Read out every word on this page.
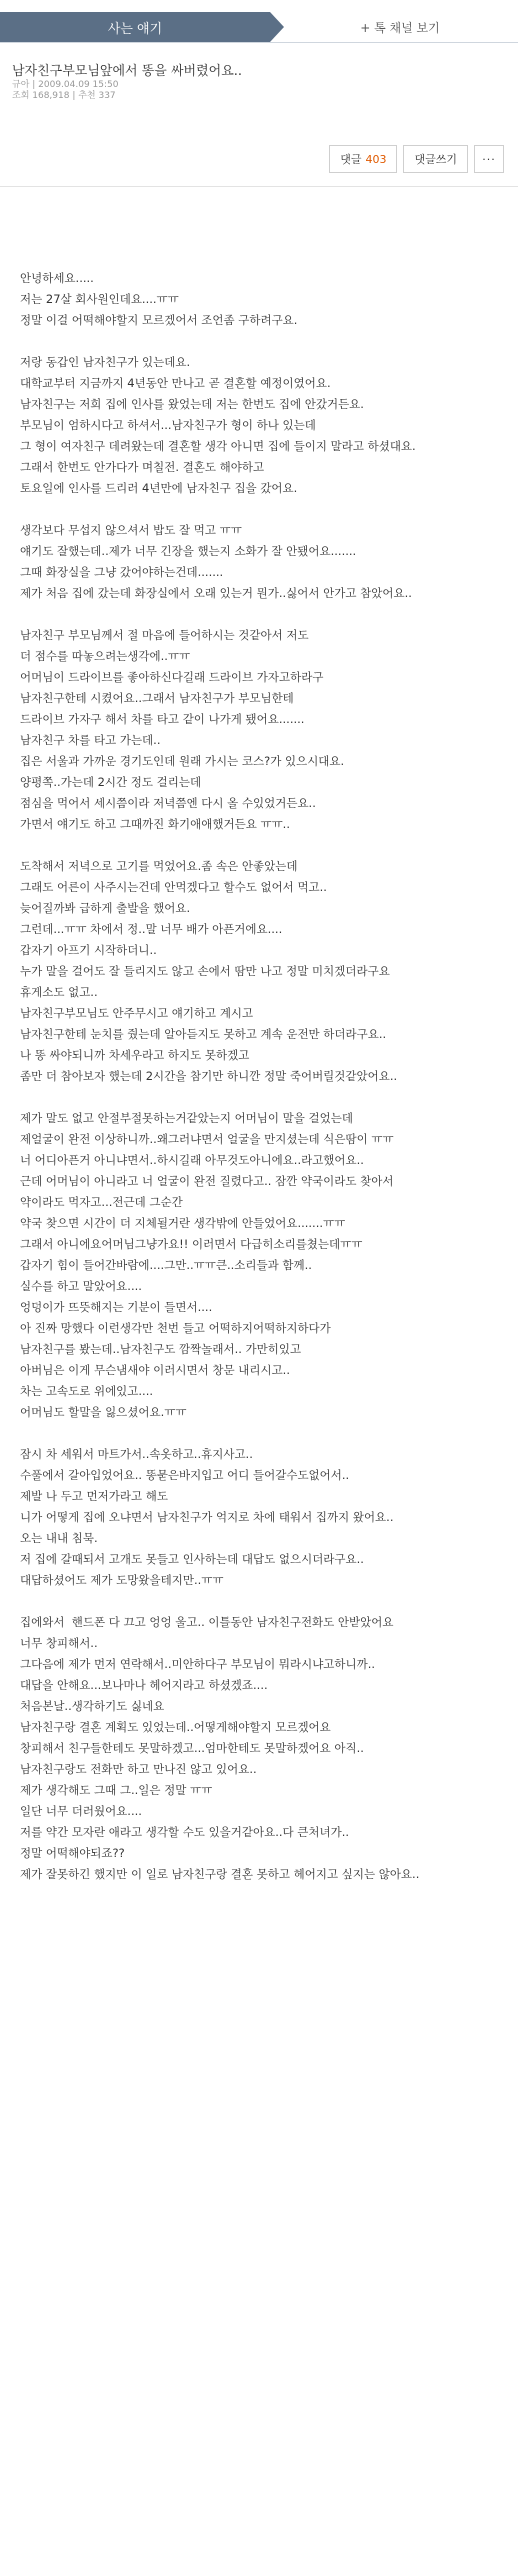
사는 얘기	+ 톡 채널 보기
남자친구부모님앞에서 똥을 싸버렸어요..
규아 | 2009.04.09 15:50
조회 168,918 | 추천 337
댓글 403	댓글쓰기	···

안녕하세요.....

저는 27살 회사원인데요....ㅠㅠ

정말 이걸 어떡해야할지 모르겠어서 조언좀 구하려구요.

저랑 동갑인 남자친구가 있는데요.

대학교부터 지금까지 4년동안 만나고 곧 결혼할 예정이였어요.

남자친구는 저희 집에 인사를 왔었는데 저는 한번도 집에 안갔거든요.

부모님이 엄하시다고 하셔서...남자친구가 형이 하나 있는데

그 형이 여자친구 데려왔는데 결혼할 생각 아니면 집에 들이지 말라고 하셨대요.

그래서 한번도 안가다가 며칠전. 결혼도 해야하고

토요일에 인사를 드리러 4년만에 남자친구 집을 갔어요.

생각보다 무섭지 않으셔서 밥도 잘 먹고 ㅠㅠ

얘기도 잘했는데..제가 너무 긴장을 했는지 소화가 잘 안됐어요.......

그때 화장실을 그냥 갔어야하는건데.......

제가 처음 집에 갔는데 화장실에서 오래 있는거 뭔가..싫어서 안가고 참았어요..

남자친구 부모님께서 절 마음에 들어하시는 것같아서 저도

더 점수를 따놓으려는생각에..ㅠㅠ

어머님이 드라이브를 좋아하신다길래 드라이브 가자고하라구

남자친구한테 시켰어요..그래서 남자친구가 부모님한테

드라이브 가자구 해서 차를 타고 같이 나가게 됐어요.......

남자친구 차를 타고 가는데..

집은 서울과 가까운 경기도인데 원래 가시는 코스?가 있으시대요.

양평쪽..가는데 2시간 정도 걸리는데

점심을 먹어서 세시쯤이라 저녁쯤엔 다시 올 수있었거든요..

가면서 얘기도 하고 그때까진 화기애애했거든요 ㅠㅠ..

도착해서 저녁으로 고기를 먹었어요.좀 속은 안좋았는데

그래도 어른이 사주시는건데 안먹겠다고 할수도 없어서 먹고..

늦어질까봐 급하게 출발을 했어요.

그런데...ㅠㅠ 차에서 정..말 너무 배가 아픈거에요....

갑자기 아프기 시작하더니..

누가 말을 걸어도 잘 들리지도 않고 손에서 땀만 나고 정말 미치겠더라구요

휴게소도 없고..

남자친구부모님도 안주무시고 얘기하고 계시고

남자친구한테 눈치를 줬는데 알아듣지도 못하고 계속 운전만 하더라구요..

나 똥 싸야되니까 차세우라고 하지도 못하겠고

좀만 더 참아보자 했는데 2시간을 참기만 하니깐 정말 죽어버릴것같았어요..

제가 말도 없고 안절부절못하는거같았는지 어머님이 말을 걸었는데

제얼굴이 완전 이상하니까..왜그러냐면서 얼굴을 만지셨는데 식은땀이 ㅠㅠ

너 어디아픈거 아니냐면서..하시길래 아무것도아니에요..라고했어요..

근데 어머님이 아니라고 너 얼굴이 완전 질렸다고.. 잠깐 약국이라도 찾아서

약이라도 먹자고...전근데 그순간

약국 찾으면 시간이 더 지체될거란 생각밖에 안들었어요.......ㅠㅠ

그래서 아니에요어머님그냥가요!! 이러면서 다급히소리를쳤는데ㅠㅠ

갑자기 힘이 들어간바람에....그만..ㅠㅠ큰..소리들과 함께..

실수를 하고 말았어요....

엉덩이가 뜨뜻해지는 기분이 들면서....

아 진짜 망했다 이런생각만 천번 들고 어떡하지어떡하지하다가

남자친구를 봤는데..남자친구도 깜짝놀래서.. 가만히있고

아버님은 이게 무슨냄새야 이러시면서 창문 내리시고..

차는 고속도로 위에있고....

어머님도 할말을 잃으셨어요.ㅠㅠ

잠시 차 세워서 마트가서..속옷하고..휴지사고..

수풀에서 갈아입었어요.. 똥묻은바지입고 어디 들어갈수도없어서..

제발 나 두고 먼저가라고 해도

니가 어떻게 집에 오냐면서 남자친구가 억지로 차에 태워서 집까지 왔어요..

오는 내내 침묵.

저 집에 갈때되서 고개도 못들고 인사하는데 대답도 없으시더라구요..

대답하셨어도 제가 도망왔을테지만..ㅠㅠ

집에와서  핸드폰 다 끄고 엉엉 울고.. 이틀동안 남자친구전화도 안받았어요

너무 창피해서..

그다음에 제가 먼저 연락해서..미안하다구 부모님이 뭐라시냐고하니까..

대답을 안해요...보나마나 헤어지라고 하셨겠죠....

처음본날..생각하기도 싫네요

남자친구랑 결혼 계획도 있었는데..어떻게해야할지 모르겠어요

창피해서 친구들한테도 못말하겠고...엄마한테도 못말하겠어요 아직..

남자친구랑도 전화만 하고 만나진 않고 있어요..

제가 생각해도 그때 그..일은 정말 ㅠㅠ

일단 너무 더러웠어요....

저를 약간 모자란 애라고 생각할 수도 있을거같아요..다 큰처녀가..

정말 어떡해야되죠??

제가 잘못하긴 했지만 이 일로 남자친구랑 결혼 못하고 헤어지고 싶지는 않아요..
